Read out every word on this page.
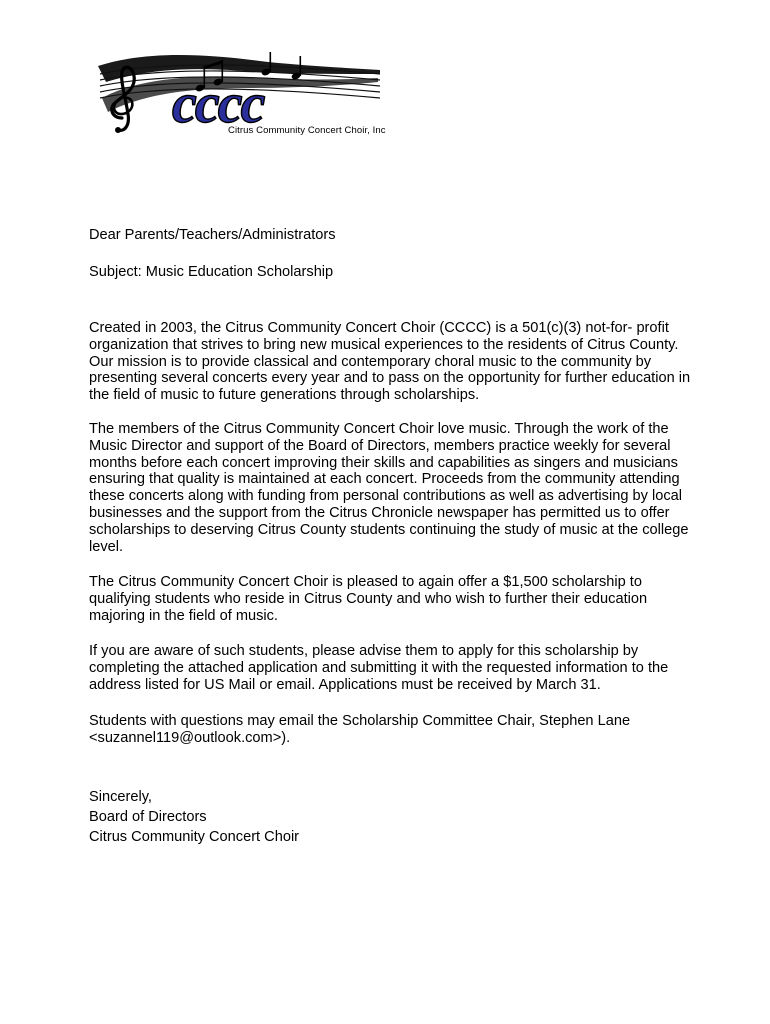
cccc
Citrus Community Concert Choir, Inc
Dear Parents/Teachers/Administrators
Subject: Music Education Scholarship

Created in 2003, the Citrus Community Concert Choir (CCCC) is a 501(c)(3) not-for- profit organization that strives to bring new musical experiences to the residents of Citrus County. Our mission is to provide classical and contemporary choral music to the community by presenting several concerts every year and to pass on the opportunity for further education in the field of music to future generations through scholarships.

The members of the Citrus Community Concert Choir love music. Through the work of the Music Director and support of the Board of Directors, members practice weekly for several months before each concert improving their skills and capabilities as singers and musicians ensuring that quality is maintained at each concert. Proceeds from the community attending these concerts along with funding from personal contributions as well as advertising by local businesses and the support from the Citrus Chronicle newspaper has permitted us to offer scholarships to deserving Citrus County students continuing the study of music at the college level.

The Citrus Community Concert Choir is pleased to again offer a $1,500 scholarship to qualifying students who reside in Citrus County and who wish to further their education majoring in the field of music.

If you are aware of such students, please advise them to apply for this scholarship by completing the attached application and submitting it with the requested information to the address listed for US Mail or email. Applications must be received by March 31.

Students with questions may email the Scholarship Committee Chair, Stephen Lane <suzannel119@outlook.com>).

Sincerely,
Board of Directors
Citrus Community Concert Choir
